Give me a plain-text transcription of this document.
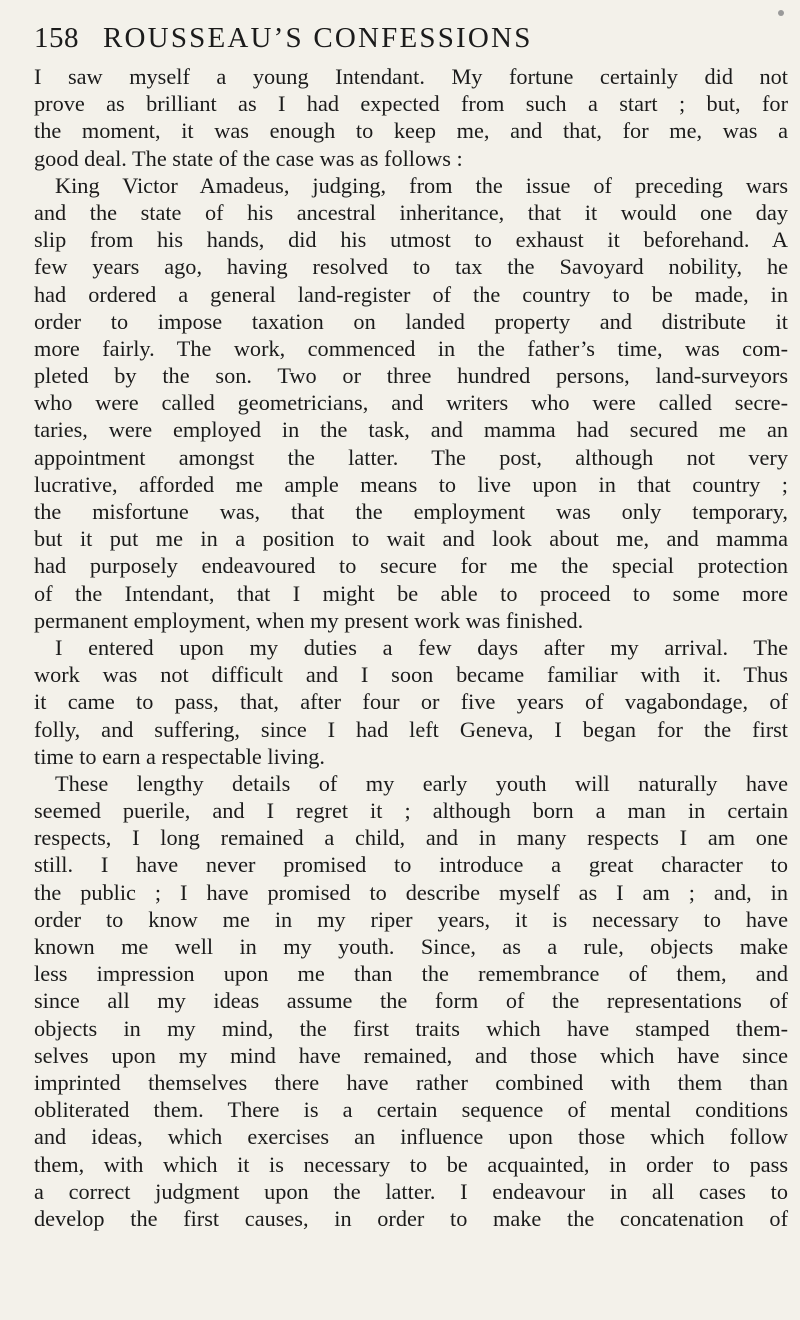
158 ROUSSEAU’S CONFESSIONS
I saw myself a young Intendant. My fortune certainly did not
prove as brilliant as I had expected from such a start ; but, for
the moment, it was enough to keep me, and that, for me, was a
good deal. The state of the case was as follows :
King Victor Amadeus, judging, from the issue of preceding wars
and the state of his ancestral inheritance, that it would one day
slip from his hands, did his utmost to exhaust it beforehand. A
few years ago, having resolved to tax the Savoyard nobility, he
had ordered a general land-register of the country to be made, in
order to impose taxation on landed property and distribute it
more fairly. The work, commenced in the father’s time, was com-
pleted by the son. Two or three hundred persons, land-surveyors
who were called geometricians, and writers who were called secre-
taries, were employed in the task, and mamma had secured me an
appointment amongst the latter. The post, although not very
lucrative, afforded me ample means to live upon in that country ;
the misfortune was, that the employment was only temporary,
but it put me in a position to wait and look about me, and mamma
had purposely endeavoured to secure for me the special protection
of the Intendant, that I might be able to proceed to some more
permanent employment, when my present work was finished.
I entered upon my duties a few days after my arrival. The
work was not difficult and I soon became familiar with it. Thus
it came to pass, that, after four or five years of vagabondage, of
folly, and suffering, since I had left Geneva, I began for the first
time to earn a respectable living.
These lengthy details of my early youth will naturally have
seemed puerile, and I regret it ; although born a man in certain
respects, I long remained a child, and in many respects I am one
still. I have never promised to introduce a great character to
the public ; I have promised to describe myself as I am ; and, in
order to know me in my riper years, it is necessary to have
known me well in my youth. Since, as a rule, objects make
less impression upon me than the remembrance of them, and
since all my ideas assume the form of the representations of
objects in my mind, the first traits which have stamped them-
selves upon my mind have remained, and those which have since
imprinted themselves there have rather combined with them than
obliterated them. There is a certain sequence of mental conditions
and ideas, which exercises an influence upon those which follow
them, with which it is necessary to be acquainted, in order to pass
a correct judgment upon the latter. I endeavour in all cases to
develop the first causes, in order to make the concatenation of
